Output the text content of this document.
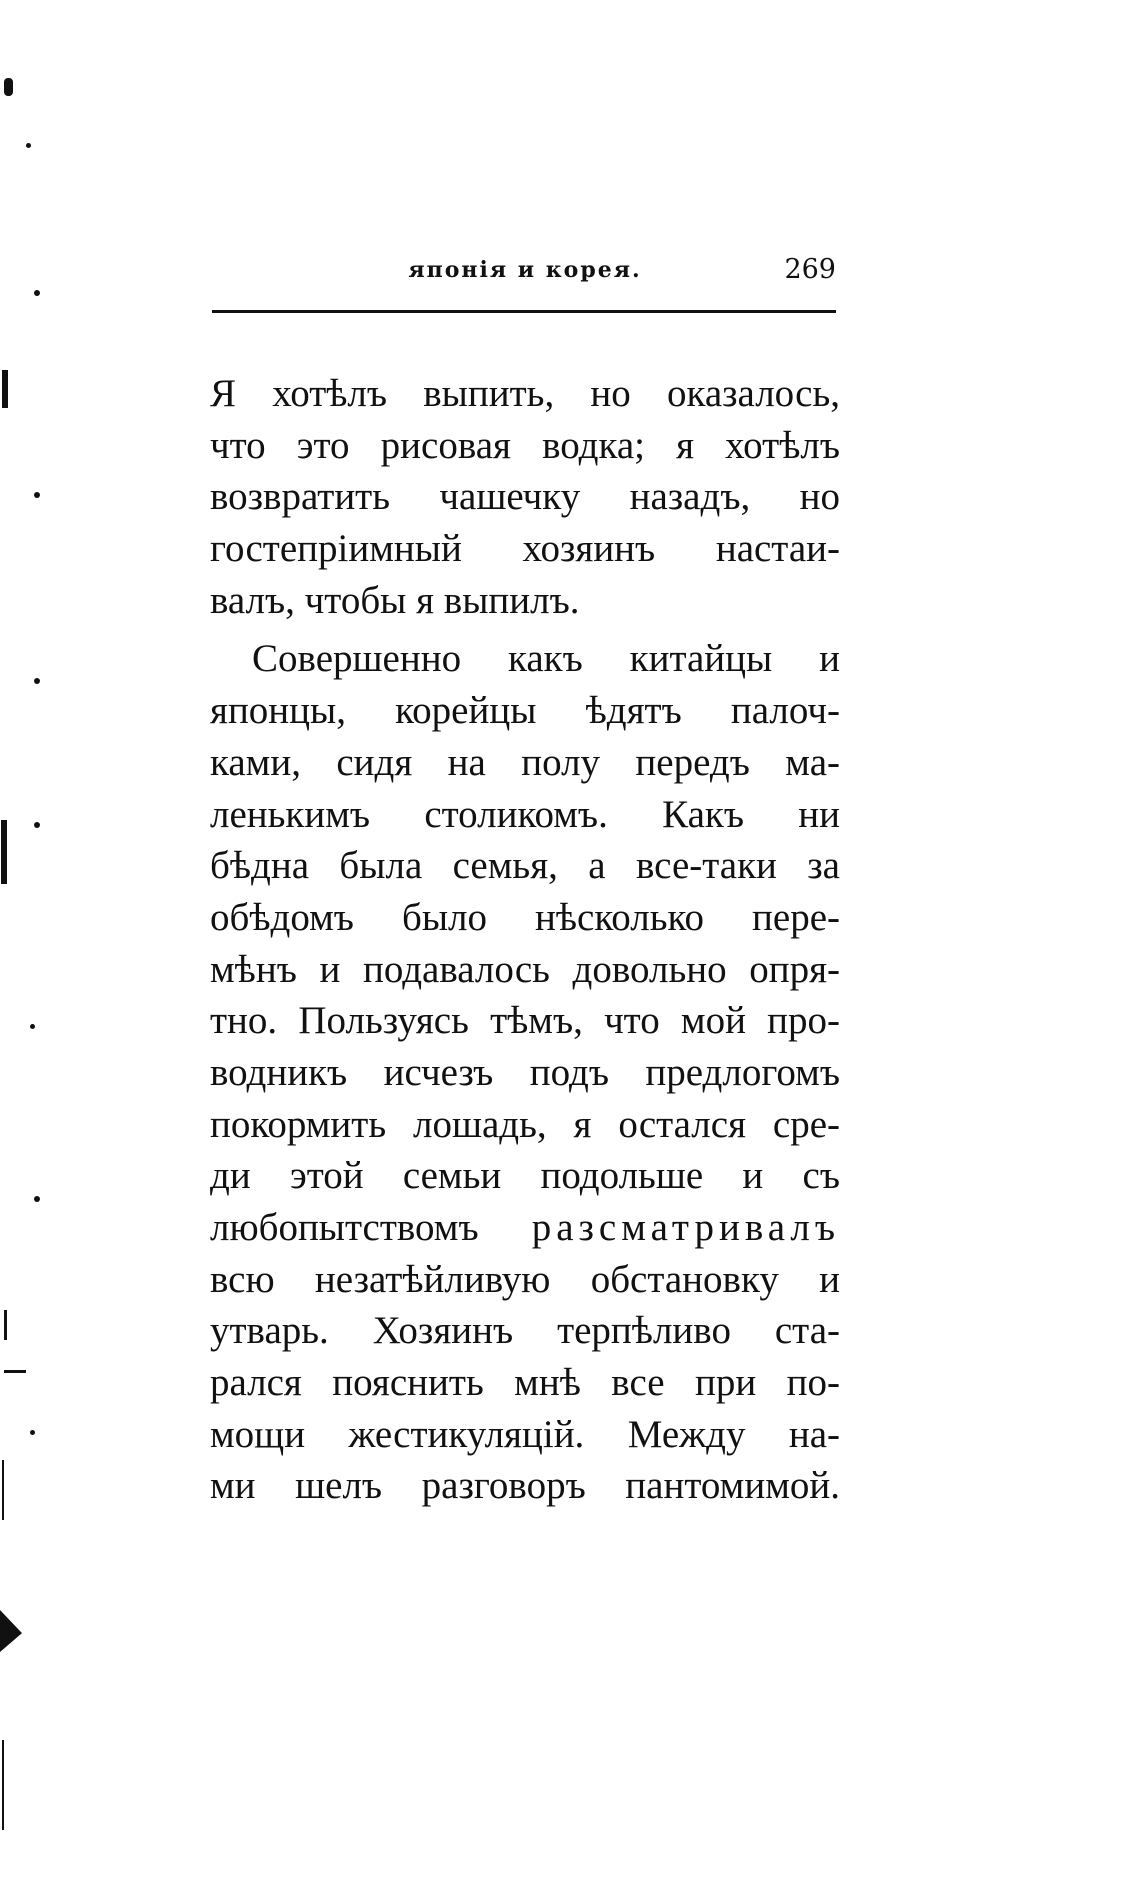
японія и корея.	269
Я хотѣлъ выпить, но оказалось,
что это рисовая водка; я хотѣлъ
возвратить чашечку назадъ, но
гостепріимный хозяинъ настаи-
валъ, чтобы я выпилъ.
Совершенно какъ китайцы и
японцы, корейцы ѣдятъ палоч-
ками, сидя на полу передъ ма-
ленькимъ столикомъ. Какъ ни
бѣдна была семья, а все-таки за
обѣдомъ было нѣсколько пере-
мѣнъ и подавалось довольно опря-
тно. Пользуясь тѣмъ, что мой про-
водникъ исчезъ подъ предлогомъ
покормить лошадь, я остался сре-
ди этой семьи подольше и съ
любопытствомъ разсматривалъ
всю незатѣйливую обстановку и
утварь. Хозяинъ терпѣливо ста-
рался пояснить мнѣ все при по-
мощи жестикуляцій. Между на-
ми шелъ разговоръ пантомимой.
